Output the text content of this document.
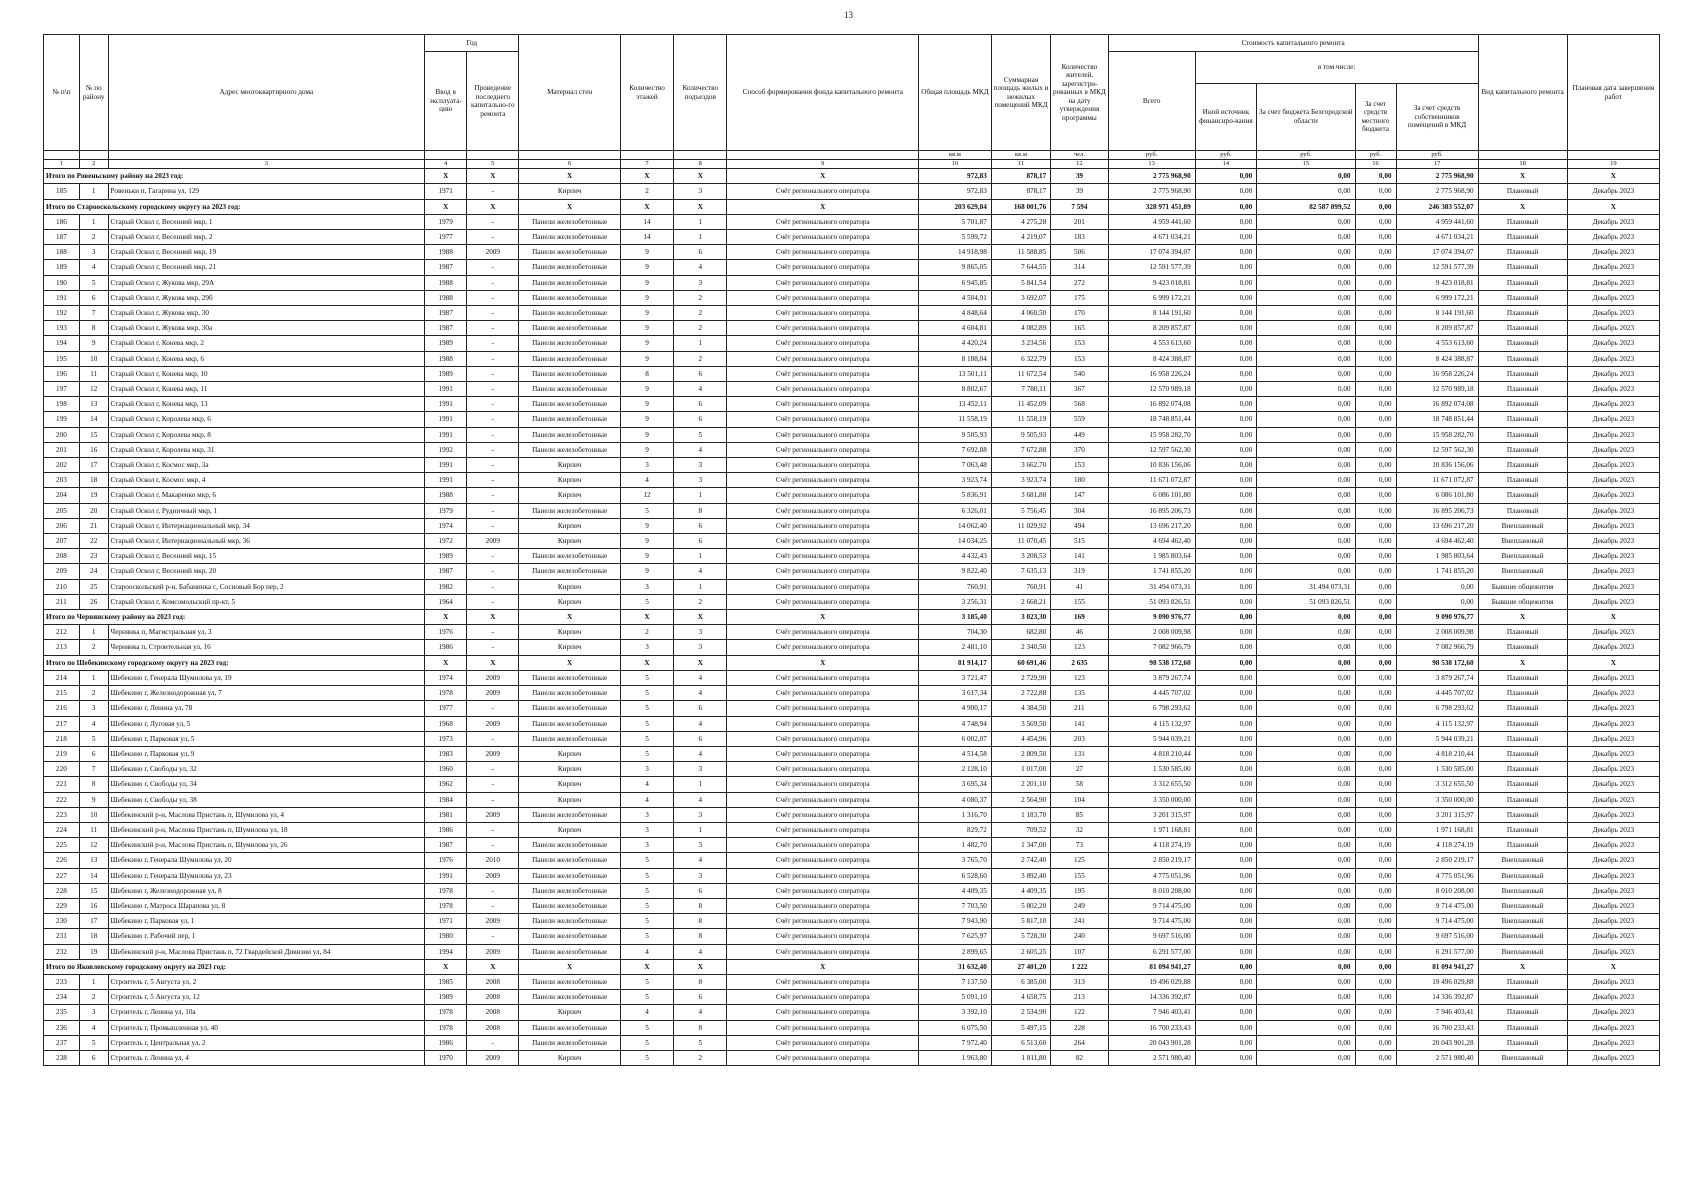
13
№ п\п	№ по району	Адрес многоквартирного дома	Год		Материал стен	Количество этажей	Количество подъездов	Способ формирования фонда капитального ремонта	Общая площадь МКД	Суммарная площадь жилых и нежилых помещений МКД	Количество жителей, зарегистри-рованных в МКД на дату утверждения программы	Стоимость капитального ремонта					Вид капитального ремонта	Плановая дата завершения работ
			Ввод в эксплуата-цию	Проведение последнего капитально-го ремонта								Всего	в том числе:					
													Иной источник финансиро-вания	За счет бюджета Белгородской области	За счет средств местного бюджета	За счет средств собственников помещений в МКД		
									кв.м	кв.м	чел.	руб.	руб.	руб.	руб.	руб.		
1	2	3	4	5	6	7	8	9	10	11	12	13	14	15	16	17	18	19
Итого по Ровеньскому району на 2023 год:			X	X	X	X	X	X	972,83	878,17	39	2 775 968,90	0,00	0,00	0,00	2 775 968,90	X	X
185	1	Ровеньки п, Гагарина ул, 129	1971	-	Кирпич	2	3	Счёт регионального оператора	972,83	878,17	39	2 775 968,90	0,00	0,00	0,00	2 775 968,90	Плановый	Декабрь 2023
Итого по Старооскольскому городскому округу на 2023 год:			X	X	X	X	X	X	203 629,84	168 001,76	7 594	328 971 451,89	0,00	82 587 899,52	0,00	246 383 552,07	X	X
186	1	Старый Оскол г, Весенний мкр, 1	1979	-	Панели железобетонные	14	1	Счёт регионального оператора	5 701,87	4 275,28	201	4 959 441,60	0,00	0,00	0,00	4 959 441,60	Плановый	Декабрь 2023
187	2	Старый Оскол г, Весенний мкр, 2	1977	-	Панели железобетонные	14	1	Счёт регионального оператора	5 599,72	4 219,07	183	4 671 034,21	0,00	0,00	0,00	4 671 034,21	Плановый	Декабрь 2023
188	3	Старый Оскол г, Весенний мкр, 19	1988	2009	Панели железобетонные	9	6	Счёт регионального оператора	14 918,98	11 588,85	506	17 074 394,07	0,00	0,00	0,00	17 074 394,07	Плановый	Декабрь 2023
189	4	Старый Оскол г, Весенний мкр, 21	1987	-	Панели железобетонные	9	4	Счёт регионального оператора	9 865,05	7 644,55	314	12 591 577,39	0,00	0,00	0,00	12 591 577,39	Плановый	Декабрь 2023
190	5	Старый Оскол г, Жукова мкр, 29А	1988	-	Панели железобетонные	9	3	Счёт регионального оператора	6 945,85	5 841,54	272	9 423 018,81	0,00	0,00	0,00	9 423 018,81	Плановый	Декабрь 2023
191	6	Старый Оскол г, Жукова мкр, 29б	1988	-	Панели железобетонные	9	2	Счёт регионального оператора	4 504,91	3 692,07	175	6 999 172,21	0,00	0,00	0,00	6 999 172,21	Плановый	Декабрь 2023
192	7	Старый Оскол г, Жукова мкр, 30	1987	-	Панели железобетонные	9	2	Счёт регионального оператора	4 848,64	4 060,50	170	8 144 191,60	0,00	0,00	0,00	8 144 191,60	Плановый	Декабрь 2023
193	8	Старый Оскол г, Жукова мкр, 30а	1987	-	Панели железобетонные	9	2	Счёт регионального оператора	4 604,81	4 082,89	165	8 209 857,87	0,00	0,00	0,00	8 209 857,87	Плановый	Декабрь 2023
194	9	Старый Оскол г, Конева мкр, 2	1989	-	Панели железобетонные	9	1	Счёт регионального оператора	4 420,24	3 234,56	153	4 553 613,60	0,00	0,00	0,00	4 553 613,60	Плановый	Декабрь 2023
195	10	Старый Оскол г, Конева мкр, 6	1988	-	Панели железобетонные	9	2	Счёт регионального оператора	8 188,04	6 322,79	153	8 424 388,87	0,00	0,00	0,00	8 424 388,87	Плановый	Декабрь 2023
196	11	Старый Оскол г, Конева мкр, 10	1989	-	Панели железобетонные	8	6	Счёт регионального оператора	13 501,11	11 672,54	540	16 958 226,24	0,00	0,00	0,00	16 958 226,24	Плановый	Декабрь 2023
197	12	Старый Оскол г, Конева мкр, 11	1991	-	Панели железобетонные	9	4	Счёт регионального оператора	8 802,67	7 780,11	367	12 570 989,18	0,00	0,00	0,00	12 570 989,18	Плановый	Декабрь 2023
198	13	Старый Оскол г, Конева мкр, 13	1991	-	Панели железобетонные	9	6	Счёт регионального оператора	13 452,11	11 452,09	568	16 892 074,08	0,00	0,00	0,00	16 892 074,08	Плановый	Декабрь 2023
199	14	Старый Оскол г, Королева мкр, 6	1991	-	Панели железобетонные	9	6	Счёт регионального оператора	11 558,19	11 558,19	559	18 748 851,44	0,00	0,00	0,00	18 748 851,44	Плановый	Декабрь 2023
200	15	Старый Оскол г, Королева мкр, 8	1991	-	Панели железобетонные	9	5	Счёт регионального оператора	9 505,93	9 505,93	449	15 958 282,70	0,00	0,00	0,00	15 958 282,70	Плановый	Декабрь 2023
201	16	Старый Оскол г, Королева мкр, 31	1992	-	Панели железобетонные	9	4	Счёт регионального оператора	7 692,88	7 672,88	370	12 597 562,30	0,00	0,00	0,00	12 597 562,30	Плановый	Декабрь 2023
202	17	Старый Оскол г, Космос мкр, 3а	1991	-	Кирпич	3	3	Счёт регионального оператора	7 063,48	3 662,70	153	10 836 156,06	0,00	0,00	0,00	10 836 156,06	Плановый	Декабрь 2023
203	18	Старый Оскол г, Космос мкр, 4	1991	-	Кирпич	4	3	Счёт регионального оператора	3 923,74	3 923,74	180	11 671 072,87	0,00	0,00	0,00	11 671 072,87	Плановый	Декабрь 2023
204	19	Старый Оскол г, Макаренко мкр, 6	1988	-	Кирпич	12	1	Счёт регионального оператора	5 836,91	3 681,88	147	6 086 101,80	0,00	0,00	0,00	6 086 101,80	Плановый	Декабрь 2023
205	20	Старый Оскол г, Рудничный мкр, 1	1979	-	Панели железобетонные	5	8	Счёт регионального оператора	6 326,01	5 756,45	304	16 895 206,73	0,00	0,00	0,00	16 895 206,73	Плановый	Декабрь 2023
206	21	Старый Оскол г, Интернациональный мкр, 34	1974	-	Кирпич	9	6	Счёт регионального оператора	14 062,40	11 029,92	494	13 696 217,20	0,00	0,00	0,00	13 696 217,20	Внеплановый	Декабрь 2023
207	22	Старый Оскол г, Интернациональный мкр, 36	1972	2009	Кирпич	9	6	Счёт регионального оператора	14 034,25	11 070,45	515	4 694 462,40	0,00	0,00	0,00	4 694 462,40	Внеплановый	Декабрь 2023
208	23	Старый Оскол г, Весенний мкр, 15	1989	-	Панели железобетонные	9	1	Счёт регионального оператора	4 432,43	3 208,53	141	1 985 803,64	0,00	0,00	0,00	1 985 803,64	Внеплановый	Декабрь 2023
209	24	Старый Оскол г, Весенний мкр, 20	1987	-	Панели железобетонные	9	4	Счёт регионального оператора	9 822,40	7 635,13	319	1 741 855,20	0,00	0,00	0,00	1 741 855,20	Внеплановый	Декабрь 2023
210	25	Старооскольский р-н, Бабанинка с, Сосновый Бор пер, 2	1982	-	Кирпич	3	1	Счёт регионального оператора	760,91	760,91	41	31 494 073,31	0,00	31 494 073,31	0,00	0,00	Бывшие общежития	Декабрь 2023
211	26	Старый Оскол г, Комсомольский пр-кт, 5	1964	-	Кирпич	5	2	Счёт регионального оператора	3 256,31	2 668,21	155	51 093 826,51	0,00	51 093 826,51	0,00	0,00	Бывшие общежития	Декабрь 2023
Итого по Чернянскому району на 2023 год:			X	X	X	X	X	X	3 185,40	3 023,30	169	9 090 976,77	0,00	0,00	0,00	9 090 976,77	X	X
212	1	Чернянка п, Магистральная ул, 3	1976	-	Кирпич	2	3	Счёт регионального оператора	704,30	682,80	46	2 008 009,98	0,00	0,00	0,00	2 008 009,98	Плановый	Декабрь 2023
213	2	Чернянка п, Строительная ул, 16	1986	-	Кирпич	3	3	Счёт регионального оператора	2 481,10	2 340,50	123	7 082 966,79	0,00	0,00	0,00	7 082 966,79	Плановый	Декабрь 2023
Итого по Шебекинскому городскому округу на 2023 год:			X	X	X	X	X	X	81 914,17	60 691,46	2 635	98 538 172,60	0,00	0,00	0,00	98 538 172,60	X	X
214	1	Шебекино г, Генерала Шумилова ул, 19	1974	2009	Панели железобетонные	5	4	Счёт регионального оператора	3 721,47	2 729,90	123	3 879 267,74	0,00	0,00	0,00	3 879 267,74	Плановый	Декабрь 2023
215	2	Шебекино г, Железнодорожная ул, 7	1978	2009	Панели железобетонные	5	4	Счёт регионального оператора	3 617,34	2 722,88	135	4 445 707,02	0,00	0,00	0,00	4 445 707,02	Плановый	Декабрь 2023
216	3	Шебекино г, Ленина ул, 78	1977	-	Панели железобетонные	5	6	Счёт регионального оператора	4 900,17	4 384,50	211	6 798 293,62	0,00	0,00	0,00	6 798 293,62	Плановый	Декабрь 2023
217	4	Шебекино г, Луговая ул, 5	1968	2009	Панели железобетонные	5	4	Счёт регионального оператора	4 748,94	3 569,50	141	4 115 132,97	0,00	0,00	0,00	4 115 132,97	Плановый	Декабрь 2023
218	5	Шебекино г, Парковая ул, 5	1973	-	Панели железобетонные	5	6	Счёт регионального оператора	6 002,07	4 454,96	203	5 944 039,21	0,00	0,00	0,00	5 944 039,21	Плановый	Декабрь 2023
219	6	Шебекино г, Парковая ул, 9	1983	2009	Кирпич	5	4	Счёт регионального оператора	4 514,58	2 809,50	131	4 818 210,44	0,00	0,00	0,00	4 818 210,44	Плановый	Декабрь 2023
220	7	Шебекино г, Свободы ул, 32	1960	-	Кирпич	3	3	Счёт регионального оператора	2 128,10	1 017,00	27	1 530 585,00	0,00	0,00	0,00	1 530 585,00	Плановый	Декабрь 2023
221	8	Шебекино г, Свободы ул, 34	1962	-	Кирпич	4	1	Счёт регионального оператора	3 695,34	2 201,10	58	3 312 655,50	0,00	0,00	0,00	3 312 655,50	Плановый	Декабрь 2023
222	9	Шебекино г, Свободы ул, 38	1984	-	Кирпич	4	4	Счёт регионального оператора	4 080,37	2 564,90	104	3 350 000,00	0,00	0,00	0,00	3 350 000,00	Плановый	Декабрь 2023
223	10	Шебекинский р-н, Маслова Пристань п, Шумилова ул, 4	1981	2009	Панели железобетонные	3	3	Счёт регионального оператора	1 316,70	1 183,70	85	3 201 315,97	0,00	0,00	0,00	3 201 315,97	Плановый	Декабрь 2023
224	11	Шебекинский р-н, Маслова Пристань п, Шумилова ул, 18	1986	-	Кирпич	3	1	Счёт регионального оператора	829,72	709,52	32	1 971 168,81	0,00	0,00	0,00	1 971 168,81	Плановый	Декабрь 2023
225	12	Шебекинский р-н, Маслова Пристань п, Шумилова ул, 26	1987	-	Панели железобетонные	3	3	Счёт регионального оператора	1 482,70	1 347,00	73	4 118 274,19	0,00	0,00	0,00	4 118 274,19	Плановый	Декабрь 2023
226	13	Шебекино г, Генерала Шумилова ул, 20	1976	2010	Панели железобетонные	5	4	Счёт регионального оператора	3 765,70	2 742,40	125	2 850 219,17	0,00	0,00	0,00	2 850 219,17	Внеплановый	Декабрь 2023
227	14	Шебекино г, Генерала Шумилова ул, 23	1991	2009	Панели железобетонные	5	3	Счёт регионального оператора	6 528,60	3 892,40	155	4 775 051,96	0,00	0,00	0,00	4 775 051,96	Внеплановый	Декабрь 2023
228	15	Шебекино г, Железнодорожная ул, 8	1978	-	Панели железобетонные	5	6	Счёт регионального оператора	4 409,35	4 409,35	195	8 010 208,00	0,00	0,00	0,00	8 010 208,00	Внеплановый	Декабрь 2023
229	16	Шебекино г, Матроса Шарапова ул, 8	1978	-	Панели железобетонные	5	8	Счёт регионального оператора	7 703,50	5 802,20	249	9 714 475,00	0,00	0,00	0,00	9 714 475,00	Внеплановый	Декабрь 2023
230	17	Шебекино г, Парковая ул, 1	1971	2009	Панели железобетонные	5	8	Счёт регионального оператора	7 943,90	5 817,10	241	9 714 475,00	0,00	0,00	0,00	9 714 475,00	Внеплановый	Декабрь 2023
231	18	Шебекино г, Рабочий пер, 1	1980	-	Панели железобетонные	5	8	Счёт регионального оператора	7 625,97	5 728,30	240	9 697 516,00	0,00	0,00	0,00	9 697 516,00	Внеплановый	Декабрь 2023
232	19	Шебекинский р-н, Маслова Пристань п, 72 Гвардейской Дивизии ул, 84	1994	2009	Панели железобетонные	4	4	Счёт регионального оператора	2 899,65	2 605,25	107	6 291 577,00	0,00	0,00	0,00	6 291 577,00	Внеплановый	Декабрь 2023
Итого по Яковлевскому городскому округу на 2023 год:			X	X	X	X	X	X	31 632,40	27 401,20	1 222	81 094 941,27	0,00	0,00	0,00	81 094 941,27	X	X
233	1	Строитель г, 5 Августа ул, 2	1985	2008	Панели железобетонные	5	8	Счёт регионального оператора	7 137,50	6 385,00	313	19 496 029,88	0,00	0,00	0,00	19 496 029,88	Плановый	Декабрь 2023
234	2	Строитель г, 5 Августа ул, 12	1989	2008	Панели железобетонные	5	6	Счёт регионального оператора	5 091,10	4 658,75	213	14 336 392,87	0,00	0,00	0,00	14 336 392,87	Плановый	Декабрь 2023
235	3	Строитель г, Ленина ул, 10а	1978	2008	Кирпич	4	4	Счёт регионального оператора	3 392,10	2 534,90	122	7 946 403,41	0,00	0,00	0,00	7 946 403,41	Плановый	Декабрь 2023
236	4	Строитель г, Промышленная ул, 40	1978	2008	Панели железобетонные	5	8	Счёт регионального оператора	6 075,50	5 497,15	228	16 700 233,43	0,00	0,00	0,00	16 700 233,43	Плановый	Декабрь 2023
237	5	Строитель г, Центральная ул, 2	1986	-	Панели железобетонные	5	5	Счёт регионального оператора	7 972,40	6 513,60	264	20 043 901,28	0,00	0,00	0,00	20 043 901,28	Плановый	Декабрь 2023
238	6	Строитель г, Ленина ул, 4	1970	2009	Кирпич	5	2	Счёт регионального оператора	1 963,80	1 811,80	82	2 571 980,40	0,00	0,00	0,00	2 571 980,40	Внеплановый	Декабрь 2023
